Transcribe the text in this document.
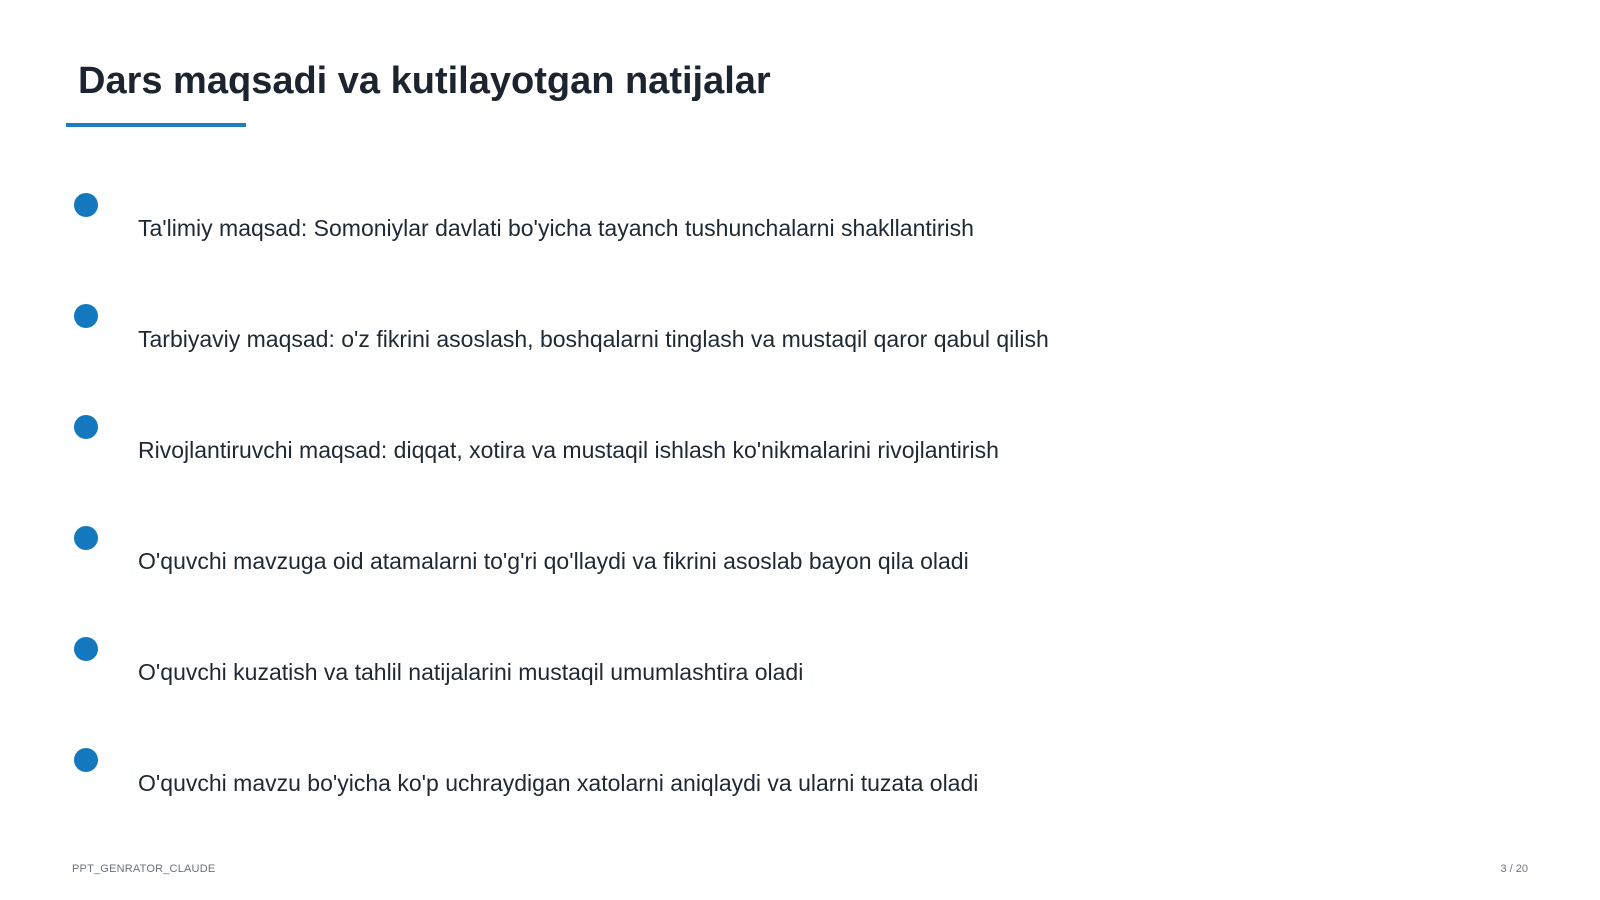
Dars maqsadi va kutilayotgan natijalar
Ta'limiy maqsad: Somoniylar davlati bo'yicha tayanch tushunchalarni shakllantirish
Tarbiyaviy maqsad: o'z fikrini asoslash, boshqalarni tinglash va mustaqil qaror qabul qilish
Rivojlantiruvchi maqsad: diqqat, xotira va mustaqil ishlash ko'nikmalarini rivojlantirish
O'quvchi mavzuga oid atamalarni to'g'ri qo'llaydi va fikrini asoslab bayon qila oladi
O'quvchi kuzatish va tahlil natijalarini mustaqil umumlashtira oladi
O'quvchi mavzu bo'yicha ko'p uchraydigan xatolarni aniqlaydi va ularni tuzata oladi
PPT_GENRATOR_CLAUDE	3 / 20
